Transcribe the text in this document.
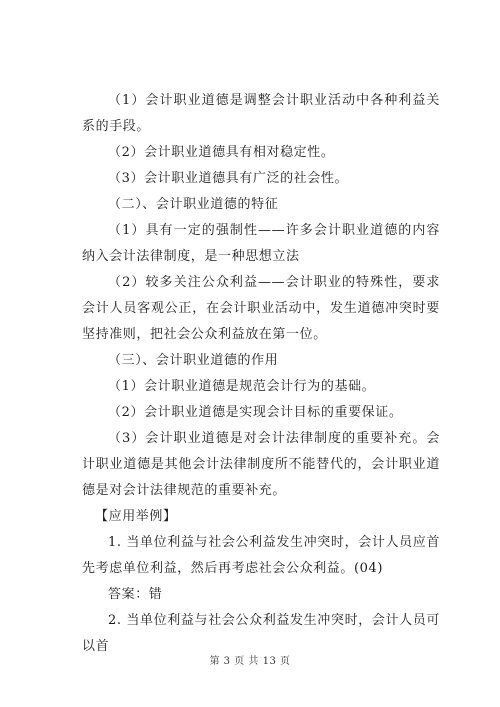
（1）会计职业道德是调整会计职业活动中各种利益关系的手段。

（2）会计职业道德具有相对稳定性。

（3）会计职业道德具有广泛的社会性。

（二）、会计职业道德的特征

（1）具有一定的强制性——许多会计职业道德的内容纳入会计法律制度，是一种思想立法

（2）较多关注公众利益——会计职业的特殊性，要求会计人员客观公正，在会计职业活动中，发生道德冲突时要坚持准则，把社会公众利益放在第一位。

（三）、会计职业道德的作用

（1）会计职业道德是规范会计行为的基础。

（2）会计职业道德是实现会计目标的重要保证。

（3）会计职业道德是对会计法律制度的重要补充。会计职业道德是其他会计法律制度所不能替代的，会计职业道德是对会计法律规范的重要补充。

【应用举例】

1. 当单位利益与社会公利益发生冲突时，会计人员应首先考虑单位利益，然后再考虑社会公众利益。(04)

答案：错

2. 当单位利益与社会公众利益发生冲突时，会计人员可以首

第 3 页 共 13 页
